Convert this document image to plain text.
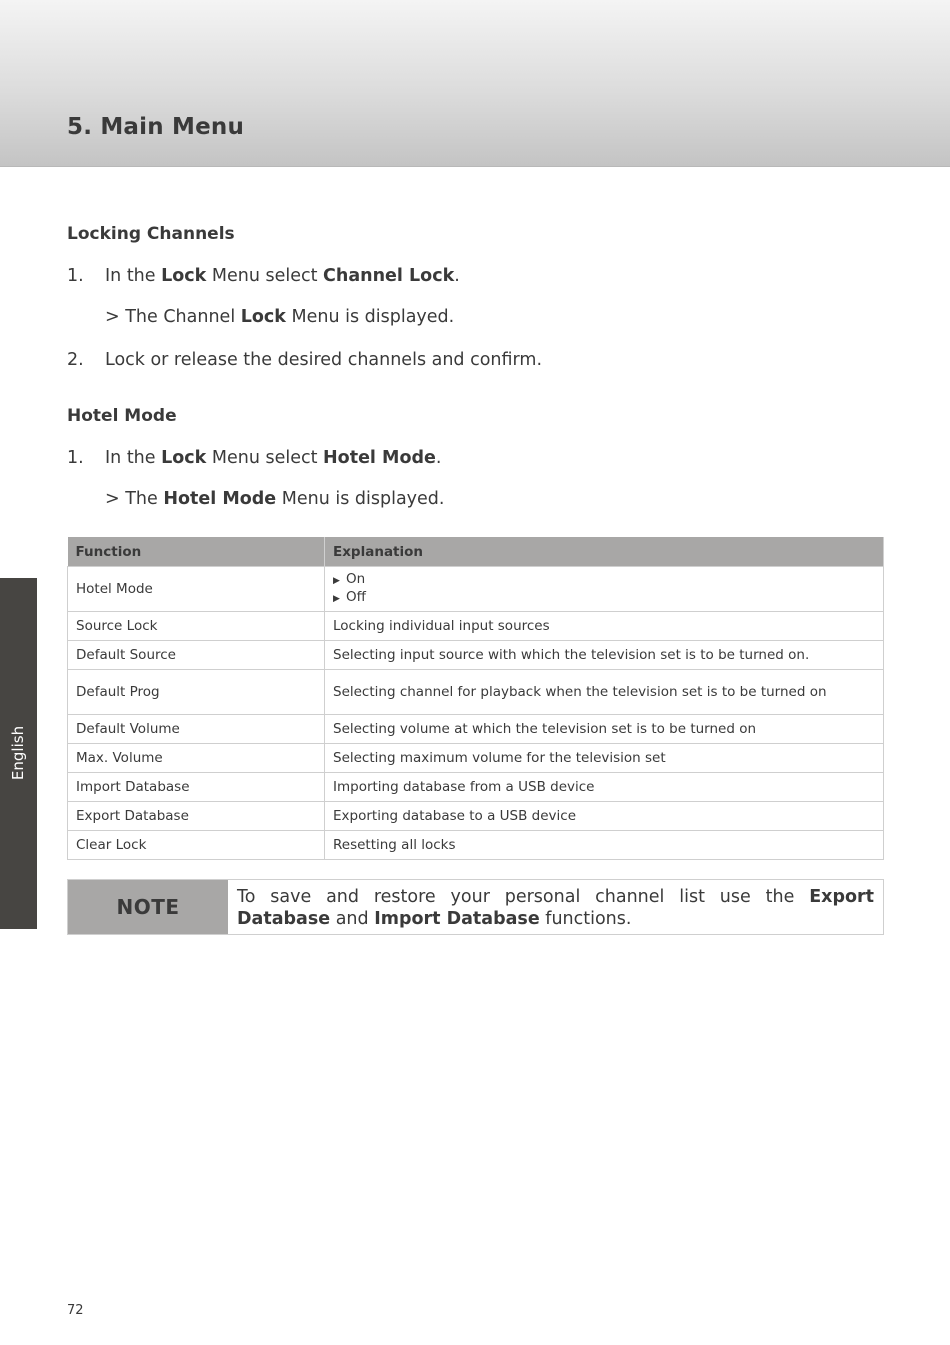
5. Main Menu
English
Locking Channels
1. In the Lock Menu select Channel Lock.
> The Channel Lock Menu is displayed.
2. Lock or release the desired channels and confirm.
Hotel Mode
1. In the Lock Menu select Hotel Mode.
> The Hotel Mode Menu is displayed.
Function	Explanation
Hotel Mode	▶ On
▶ Off

Source Lock	Locking individual input sources
Default Source	Selecting input source with which the television set is to be turned on.
Default Prog	Selecting channel for playback when the television set is to be turned on
Default Volume	Selecting volume at which the television set is to be turned on
Max. Volume	Selecting maximum volume for the television set
Import Database	Importing database from a USB device
Export Database	Exporting database to a USB device
Clear Lock	Resetting all locks
NOTE	To save and restore your personal channel list use the Export Database and Import Database functions.
72
